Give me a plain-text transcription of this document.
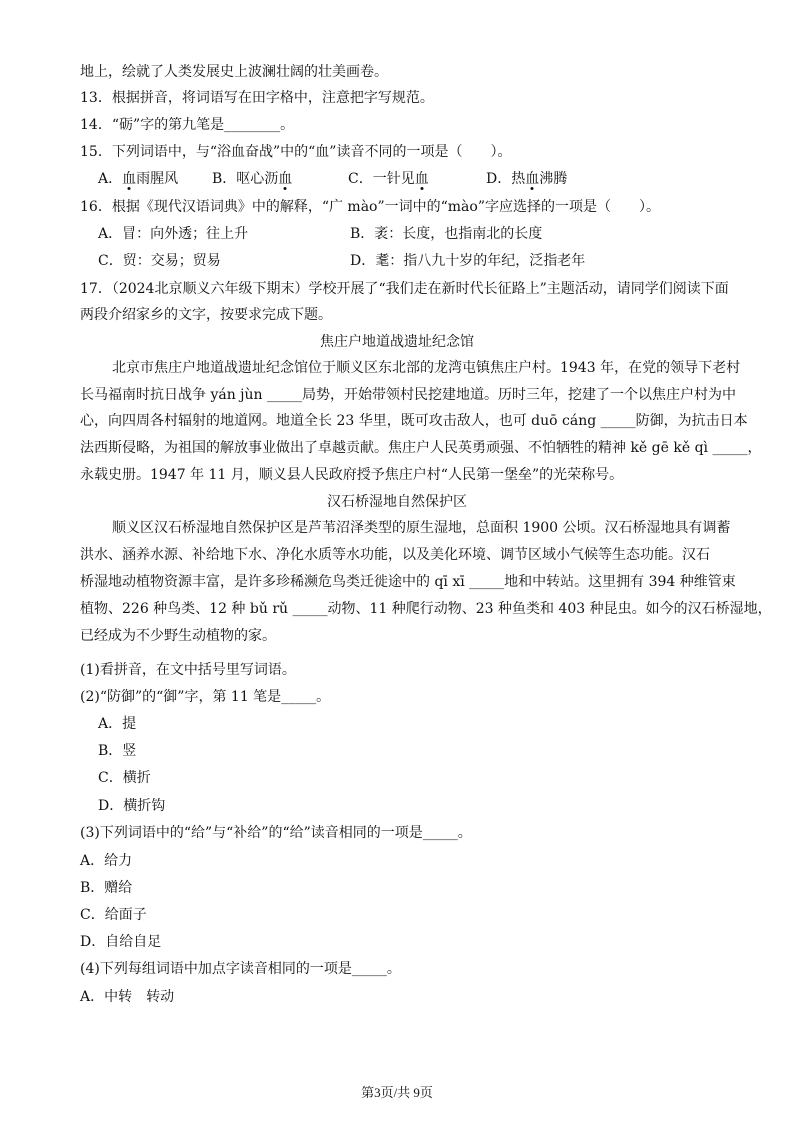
地上，绘就了人类发展史上波澜壮阔的壮美画卷。
13．根据拼音，将词语写在田字格中，注意把字写规范。
14．“砺”字的第九笔是________。
15．下列词语中，与“浴血奋战”中的“血”读音不同的一项是（　　）。
A．血雨腥风 B．呕心沥血	C．一针见血	D．热血沸腾
16．根据《现代汉语词典》中的解释，“广 mào”一词中的“mào”字应选择的一项是（　　）。
A．冒：向外透；往上升	B．袤：长度，也指南北的长度
C．贸：交易；贸易	D．耄：指八九十岁的年纪，泛指老年
17．（2024北京顺义六年级下期末）学校开展了“我们走在新时代长征路上”主题活动，请同学们阅读下面
两段介绍家乡的文字，按要求完成下题。
焦庄户地道战遗址纪念馆
北京市焦庄户地道战遗址纪念馆位于顺义区东北部的龙湾屯镇焦庄户村。1943 年，在党的领导下老村
长马福南时抗日战争 yán jùn _____局势，开始带领村民挖建地道。历时三年，挖建了一个以焦庄户村为中
心，向四周各村辐射的地道网。地道全长 23 华里，既可攻击敌人，也可 duō cáng _____防御，为抗击日本
法西斯侵略，为祖国的解放事业做出了卓越贡献。焦庄户人民英勇顽强、不怕牺牲的精神 kě gē kě qì _____，
永载史册。1947 年 11 月，顺义县人民政府授予焦庄户村“人民第一堡垒”的光荣称号。
汉石桥湿地自然保护区
顺义区汉石桥湿地自然保护区是芦苇沼泽类型的原生湿地，总面积 1900 公顷。汉石桥湿地具有调蓄
洪水、涵养水源、补给地下水、净化水质等水功能，以及美化环境、调节区域小气候等生态功能。汉石
桥湿地动植物资源丰富，是许多珍稀濒危鸟类迁徙途中的 qī xī _____地和中转站。这里拥有 394 种维管束
植物、226 种鸟类、12 种 bǔ rǔ _____动物、11 种爬行动物、23 种鱼类和 403 种昆虫。如今的汉石桥湿地，
已经成为不少野生动植物的家。
(1)看拼音，在文中括号里写词语。
(2)“防御”的“御”字，第 11 笔是_____。
A．提
B．竖
C．横折
D．横折钩
(3)下列词语中的“给”与“补给”的“给”读音相同的一项是_____。
A．给力
B．赠给
C．给面子
D．自给自足
(4)下列每组词语中加点字读音相同的一项是_____。
A．中转　转动
第3页/共 9页
